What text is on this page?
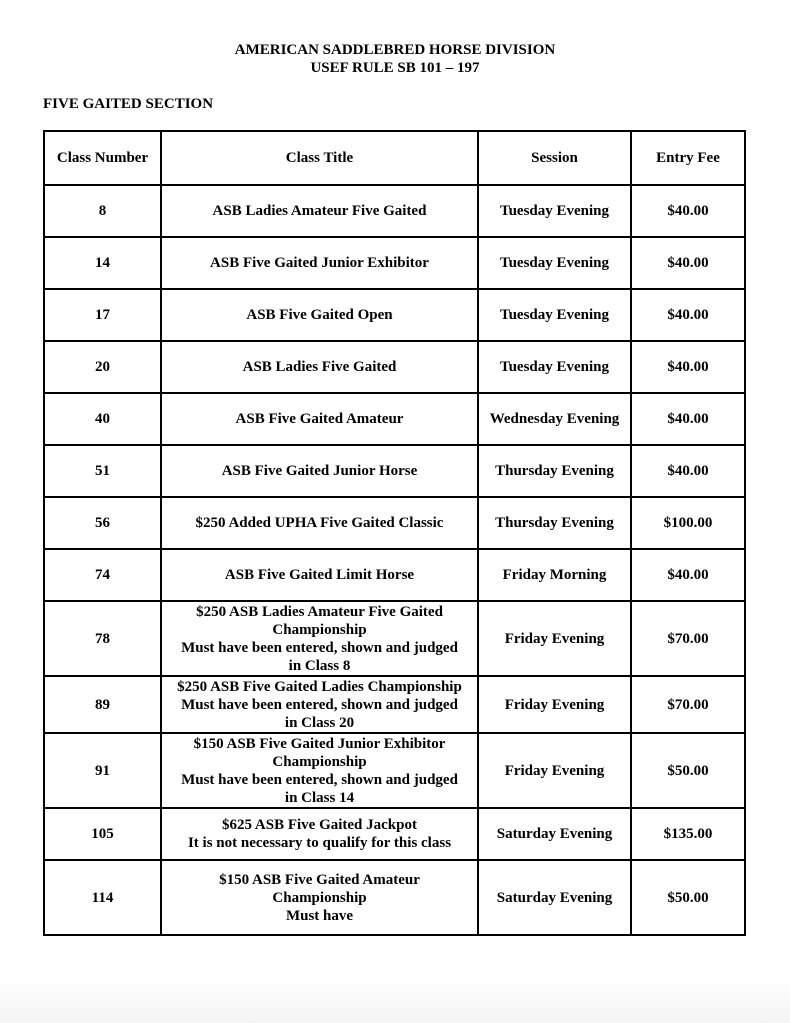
AMERICAN SADDLEBRED HORSE DIVISION
USEF RULE SB 101 – 197
FIVE GAITED SECTION
Class Number	Class Title	Session	Entry Fee
8	ASB Ladies Amateur Five Gaited	Tuesday Evening	$40.00
14	ASB Five Gaited Junior Exhibitor	Tuesday Evening	$40.00
17	ASB Five Gaited Open	Tuesday Evening	$40.00
20	ASB Ladies Five Gaited	Tuesday Evening	$40.00
40	ASB Five Gaited Amateur	Wednesday Evening	$40.00
51	ASB Five Gaited Junior Horse	Thursday Evening	$40.00
56	$250 Added UPHA Five Gaited Classic	Thursday Evening	$100.00
74	ASB Five Gaited Limit Horse	Friday Morning	$40.00
78	$250 ASB Ladies Amateur Five Gaited
Championship
Must have been entered, shown and judged
in Class 8	Friday Evening	$70.00
89	$250 ASB Five Gaited Ladies Championship
Must have been entered, shown and judged
in Class 20	Friday Evening	$70.00
91	$150 ASB Five Gaited Junior Exhibitor
Championship
Must have been entered, shown and judged
in Class 14	Friday Evening	$50.00
105	$625 ASB Five Gaited Jackpot
It is not necessary to qualify for this class	Saturday Evening	$135.00
114	$150 ASB Five Gaited Amateur
Championship
Must have	Saturday Evening	$50.00
